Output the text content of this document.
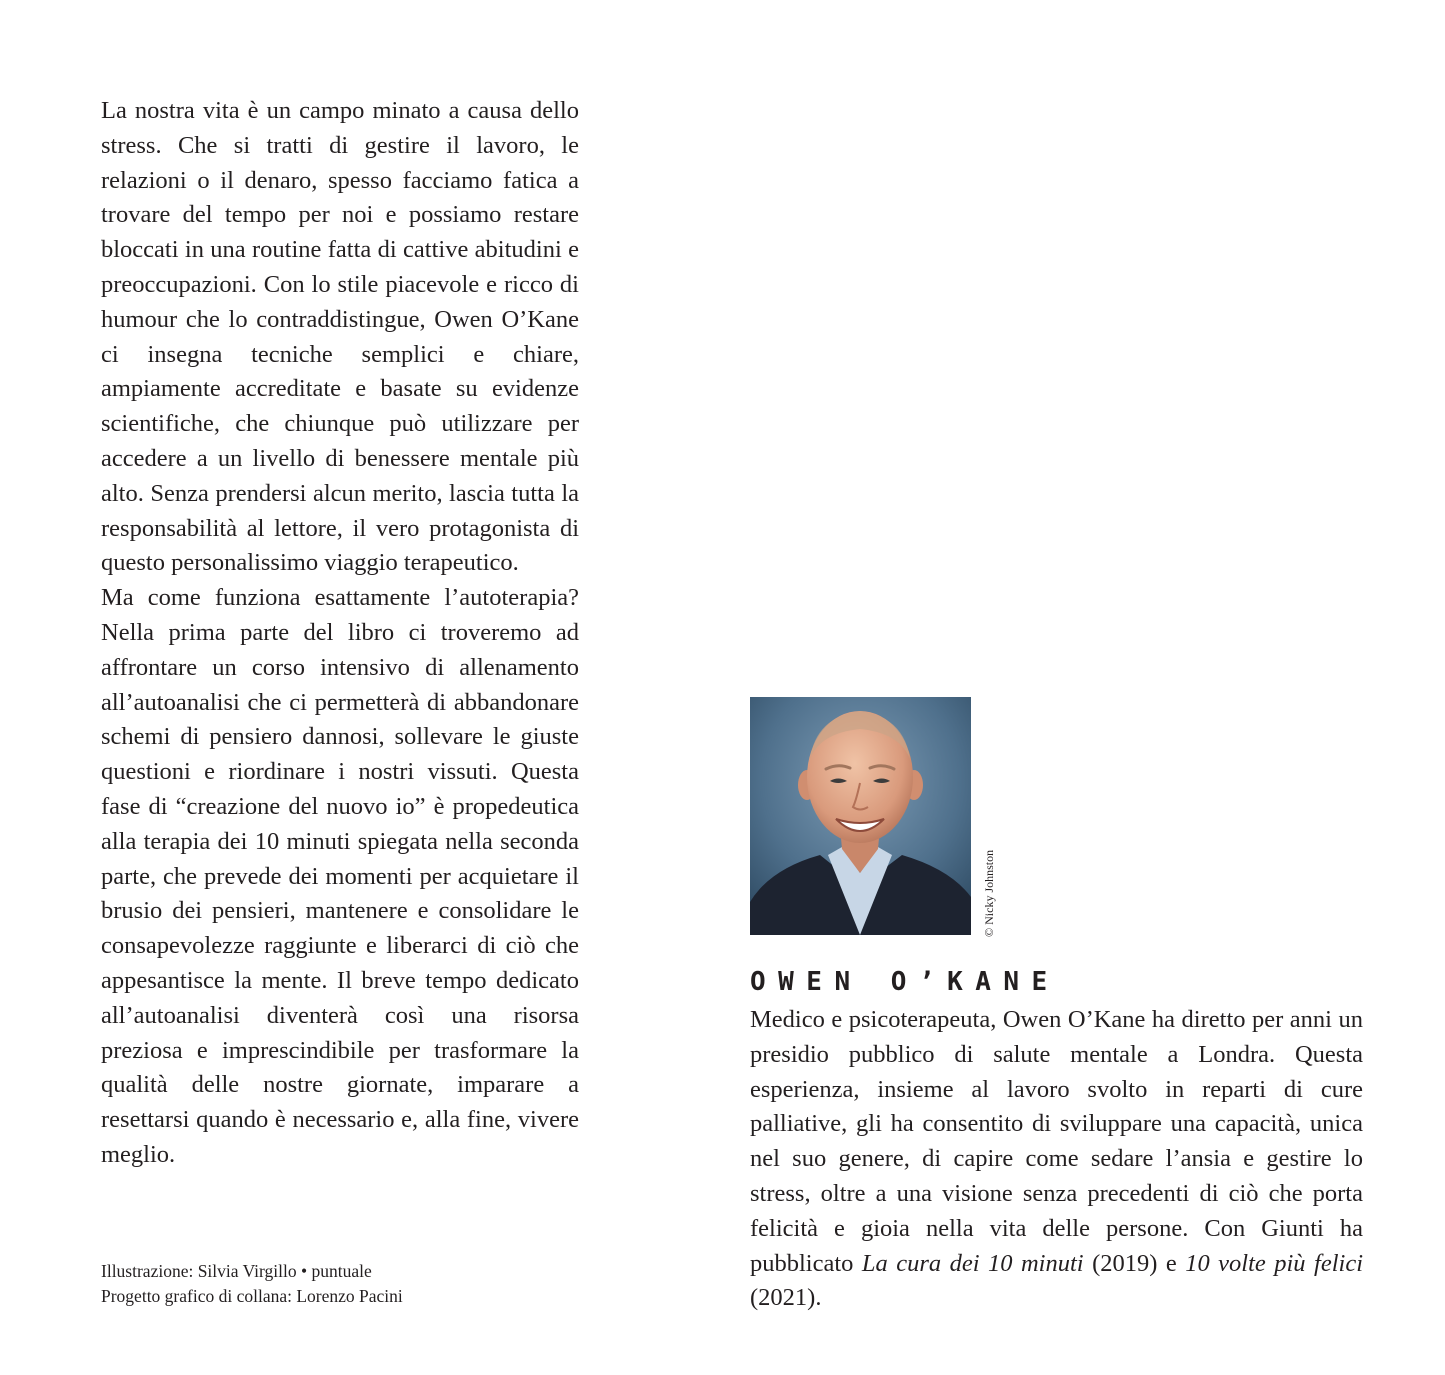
La nostra vita è un campo minato a causa dello stress. Che si tratti di gestire il lavoro, le relazioni o il denaro, spesso facciamo fatica a trovare del tempo per noi e possiamo restare bloccati in una routine fatta di cattive abitudini e preoccupazioni. Con lo stile piacevole e ricco di humour che lo contraddistingue, Owen O’Kane ci insegna tecniche semplici e chiare, ampiamente accreditate e basate su evidenze scientifiche, che chiunque può utilizzare per accedere a un livello di benessere mentale più alto. Senza prendersi alcun merito, lascia tutta la responsabilità al lettore, il vero protagonista di questo personalissimo viaggio terapeutico.

Ma come funziona esattamente l’autoterapia? Nella prima parte del libro ci troveremo ad affrontare un corso intensivo di allenamento all’autoanalisi che ci permetterà di abbandonare schemi di pensiero dannosi, sollevare le giuste questioni e riordinare i nostri vissuti. Questa fase di “creazione del nuovo io” è propedeutica alla terapia dei 10 minuti spiegata nella seconda parte, che prevede dei momenti per acquietare il brusio dei pensieri, mantenere e consolidare le consapevolezze raggiunte e liberarci di ciò che appesantisce la mente. Il breve tempo dedicato all’autoanalisi diventerà così una risorsa preziosa e imprescindibile per trasformare la qualità delle nostre giornate, imparare a resettarsi quando è necessario e, alla fine, vivere meglio.

Illustrazione: Silvia Virgillo • puntuale
Progetto grafico di collana: Lorenzo Pacini
© Nicky Johnston
OWEN O’KANE

Medico e psicoterapeuta, Owen O’Kane ha diretto per anni un presidio pubblico di salute mentale a Londra. Questa esperienza, insieme al lavoro svolto in reparti di cure palliative, gli ha consentito di sviluppare una capacità, unica nel suo genere, di capire come sedare l’ansia e gestire lo stress, oltre a una visione senza precedenti di ciò che porta felicità e gioia nella vita delle persone. Con Giunti ha pubblicato La cura dei 10 minuti (2019) e 10 volte più felici (2021).
